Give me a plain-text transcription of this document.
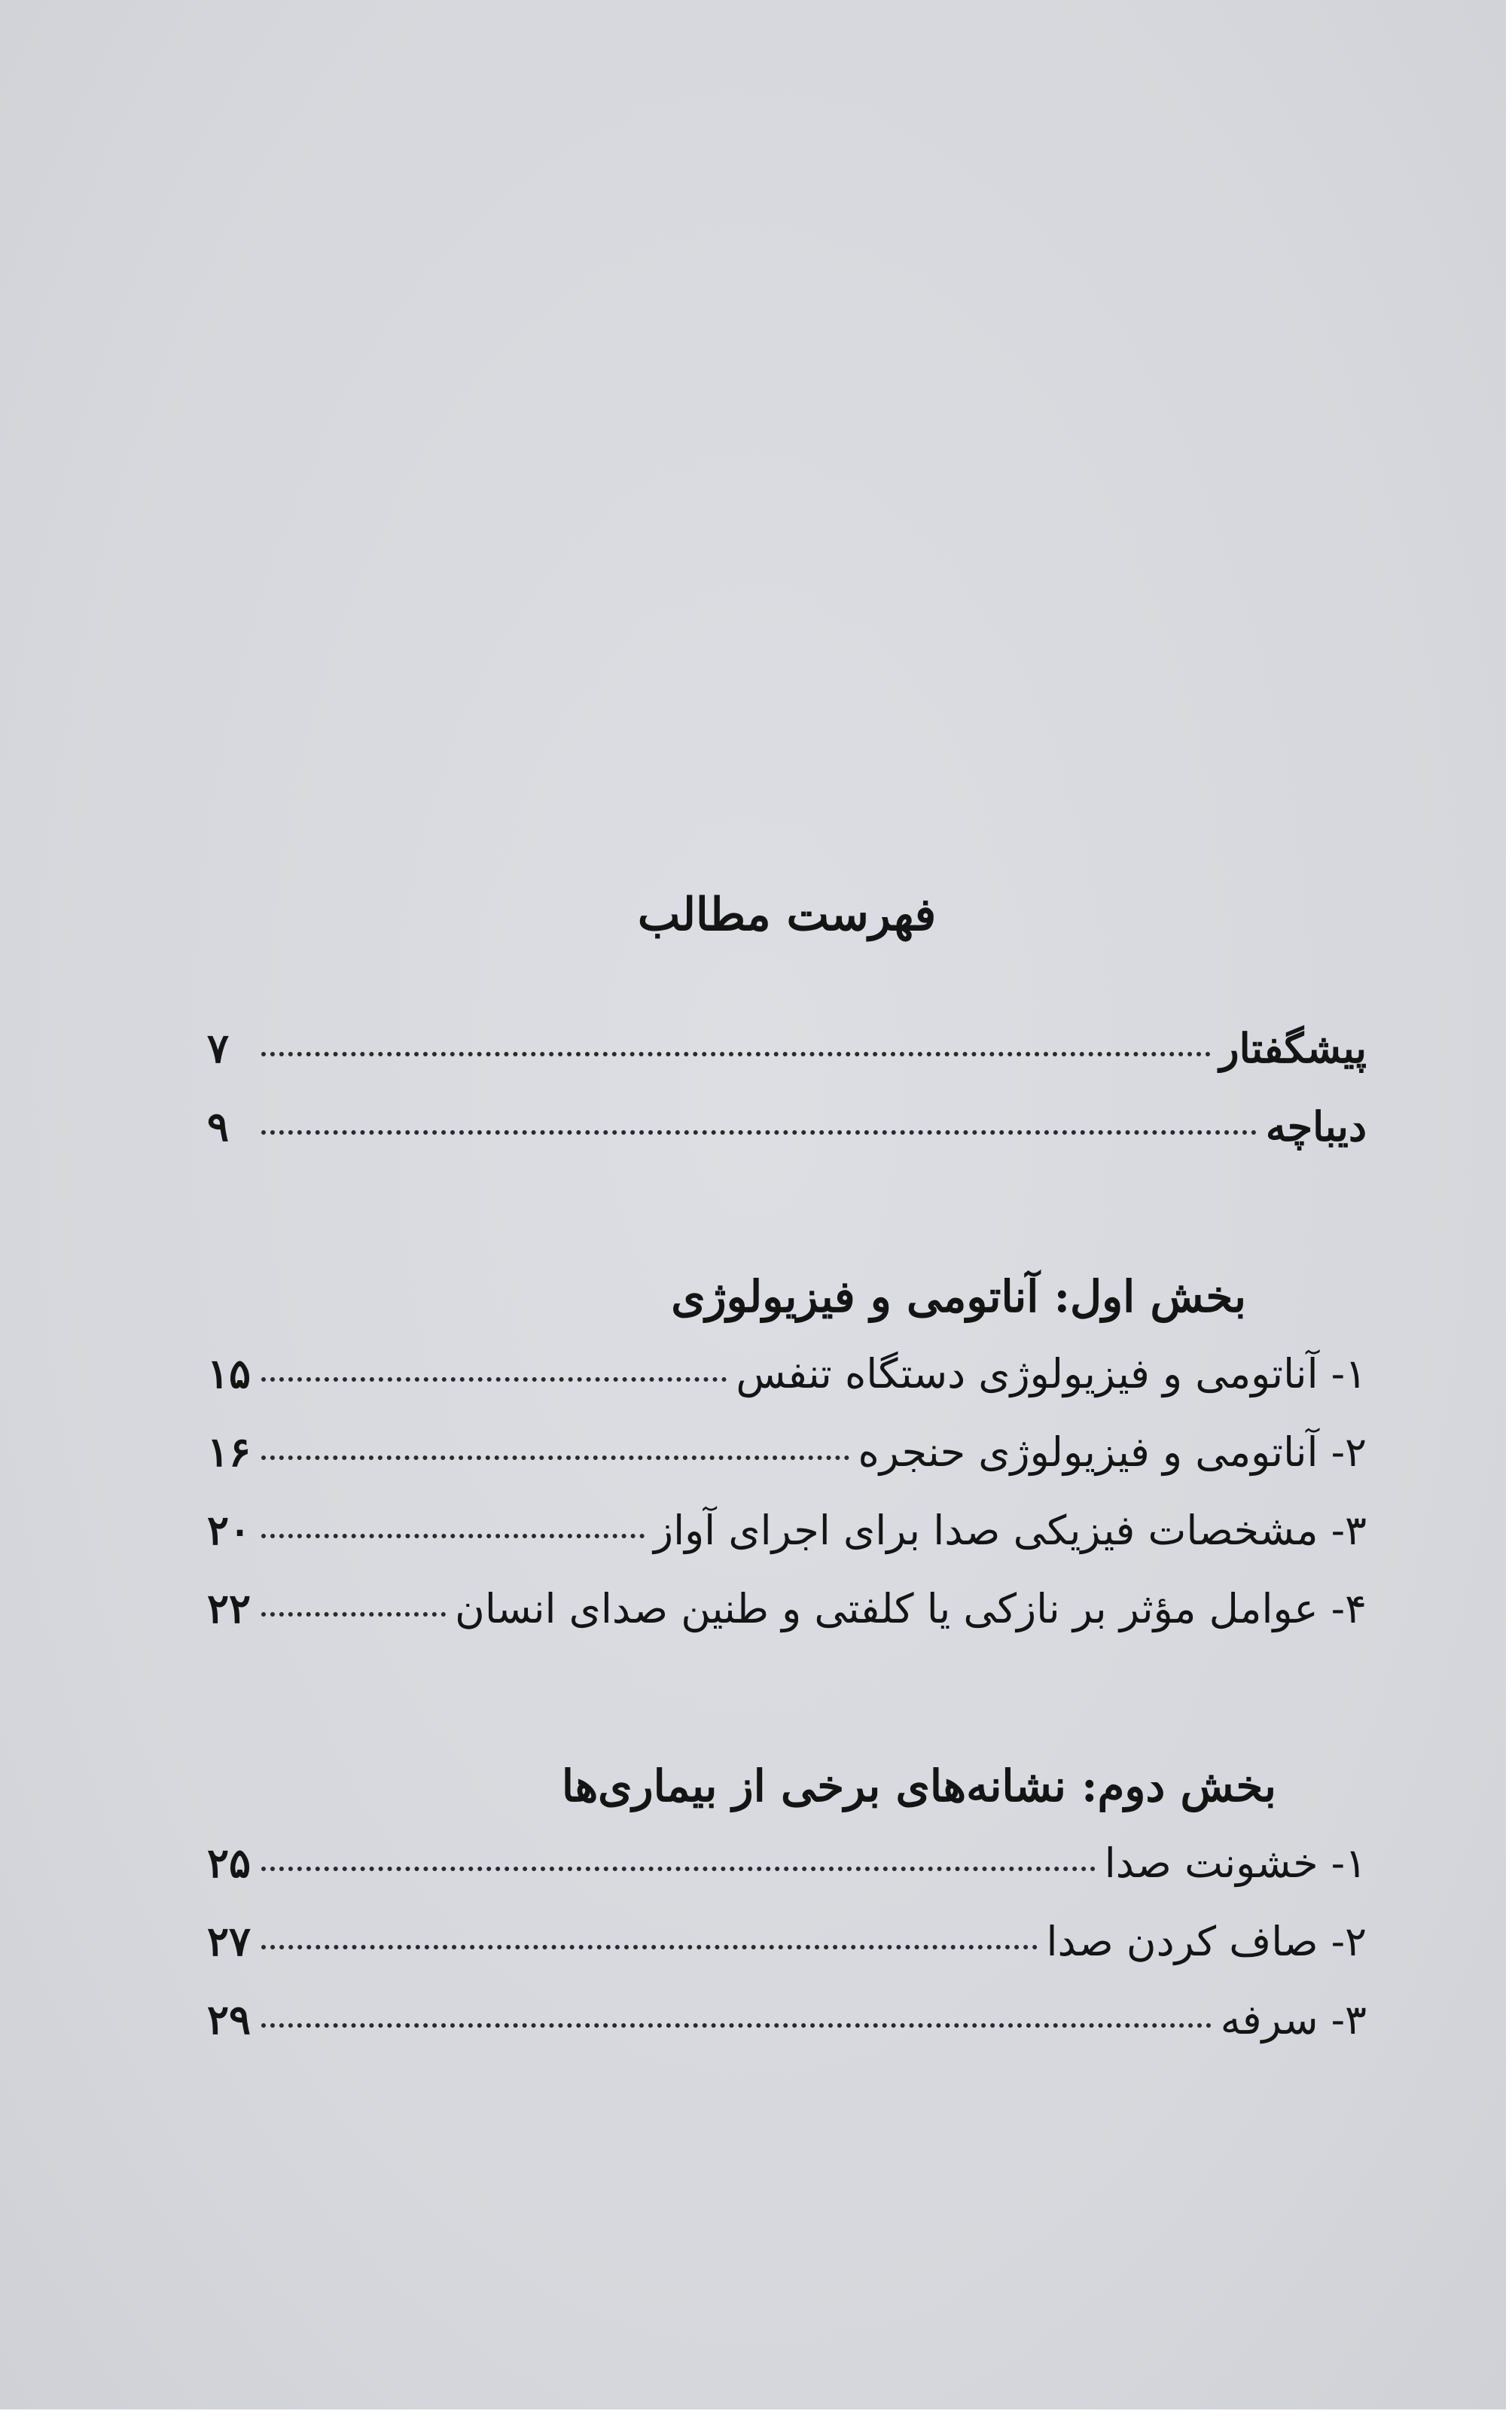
فهرست مطالب
پیشگفتار
۷
دیباچه
۹
بخش اول: آناتومی و فیزیولوژی
۱- آناتومی و فیزیولوژی دستگاه تنفس
۱۵
۲- آناتومی و فیزیولوژی حنجره
۱۶
۳- مشخصات فیزیکی صدا برای اجرای آواز
۲۰
۴- عوامل مؤثر بر نازکی یا کلفتی و طنین صدای انسان
۲۲
بخش دوم: نشانه‌های برخی از بیماری‌ها
۱- خشونت صدا
۲۵
۲- صاف کردن صدا
۲۷
۳- سرفه
۲۹
